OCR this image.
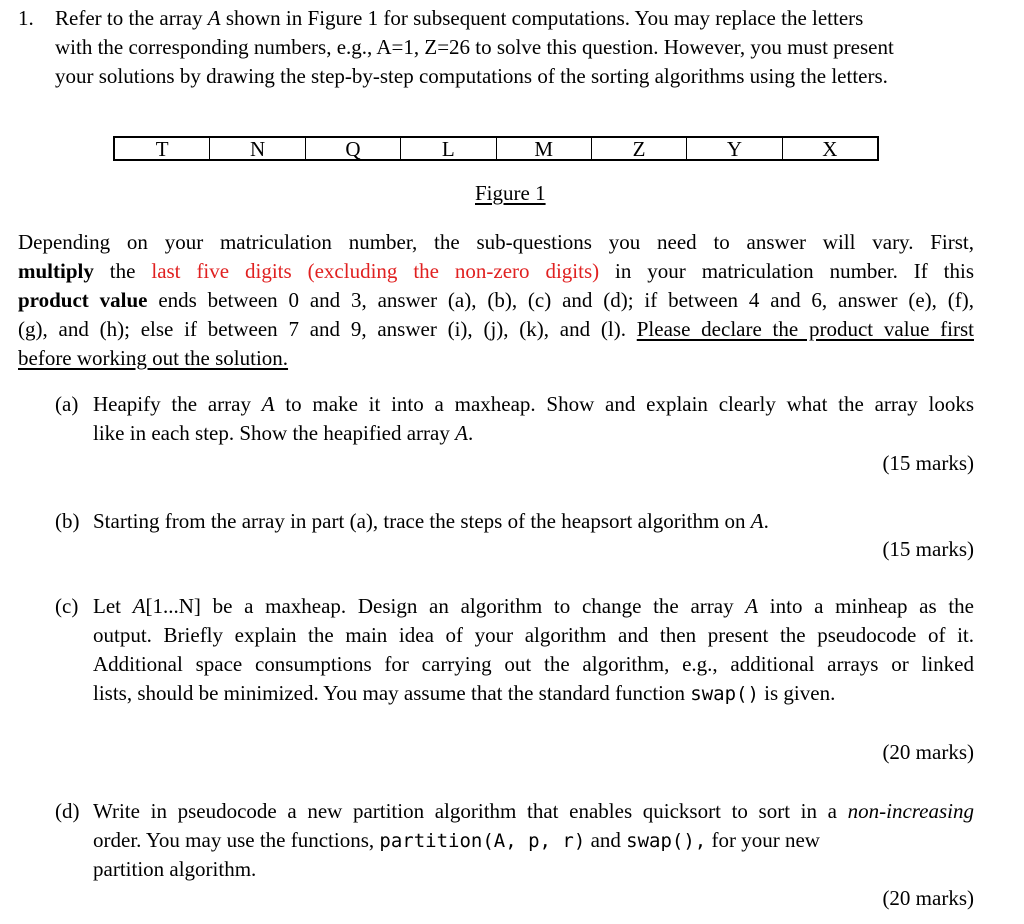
1. Refer to the array A shown in Figure 1 for subsequent computations. You may replace the letters
with the corresponding numbers, e.g., A=1, Z=26 to solve this question. However, you must present
your solutions by drawing the step-by-step computations of the sorting algorithms using the letters.
T	N	Q	L	M	Z	Y	X
Figure 1
Depending on your matriculation number, the sub-questions you need to answer will vary. First,
multiply the last five digits (excluding the non-zero digits) in your matriculation number. If this
product value ends between 0 and 3, answer (a), (b), (c) and (d); if between 4 and 6, answer (e), (f),
(g), and (h); else if between 7 and 9, answer (i), (j), (k), and (l). Please declare the product value first
before working out the solution.
(a) Heapify the array A to make it into a maxheap. Show and explain clearly what the array looks
like in each step. Show the heapified array A.
(15 marks)
(b) Starting from the array in part (a), trace the steps of the heapsort algorithm on A.
(15 marks)
(c) Let A[1...N] be a maxheap. Design an algorithm to change the array A into a minheap as the
output. Briefly explain the main idea of your algorithm and then present the pseudocode of it.
Additional space consumptions for carrying out the algorithm, e.g., additional arrays or linked
lists, should be minimized. You may assume that the standard function swap() is given.
(20 marks)
(d) Write in pseudocode a new partition algorithm that enables quicksort to sort in a non-increasing
order. You may use the functions, partition(A, p, r) and swap(), for your new
partition algorithm.
(20 marks)
